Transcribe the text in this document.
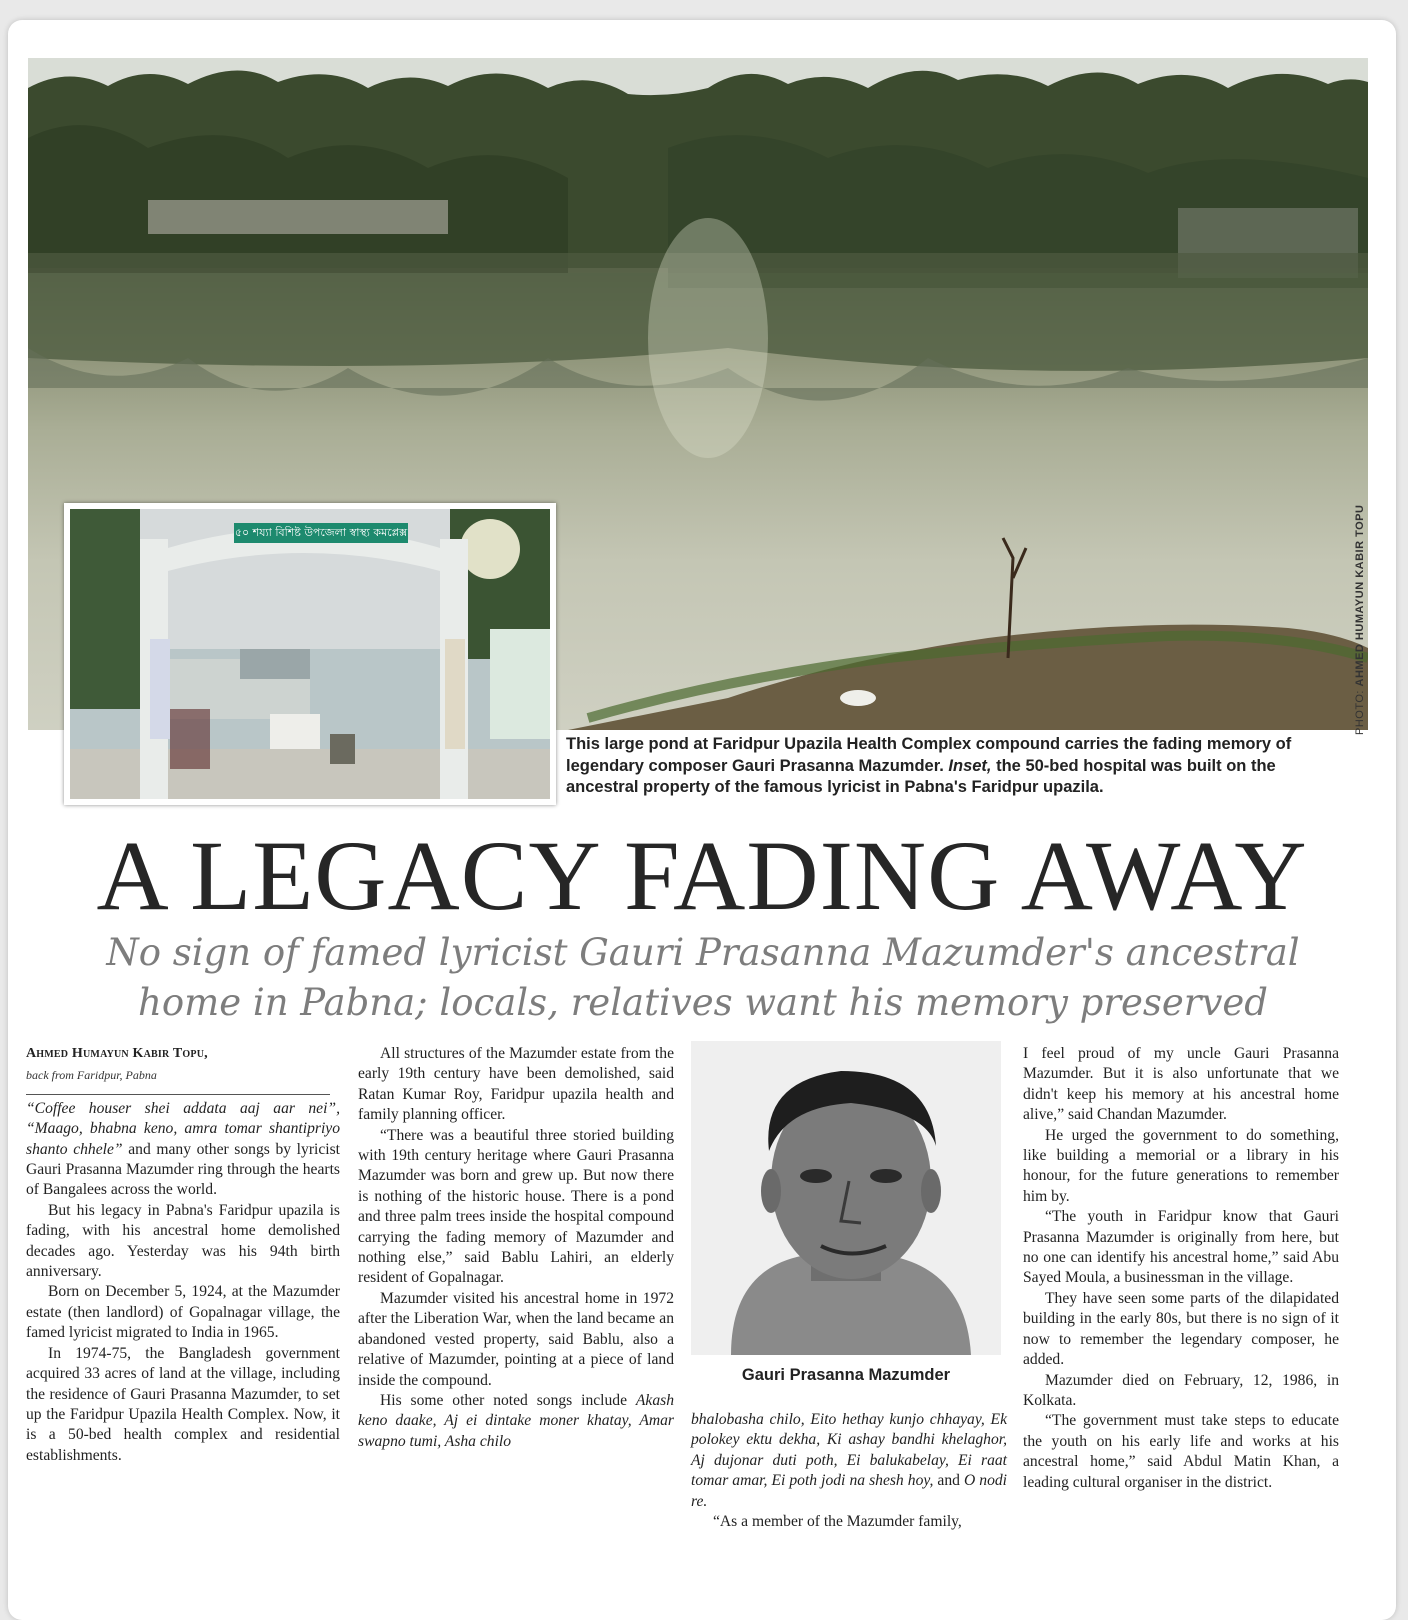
PHOTO: AHMED HUMAYUN KABIR TOPU
৫০ শয্যা বিশিষ্ট উপজেলা স্বাস্থ্য কমপ্লেক্স
This large pond at Faridpur Upazila Health Complex compound carries the fading memory of legendary composer Gauri Prasanna Mazumder. Inset, the 50-bed hospital was built on the ancestral property of the famous lyricist in Pabna's Faridpur upazila.
A LEGACY FADING AWAY
No sign of famed lyricist Gauri Prasanna Mazumder's ancestral home in Pabna; locals, relatives want his memory preserved
Ahmed Humayun Kabir Topu,
back from Faridpur, Pabna

“Coffee houser shei addata aaj aar nei”, “Maago, bhabna keno, amra tomar shantipriyo shanto chhele” and many other songs by lyricist Gauri Prasanna Mazumder ring through the hearts of Bangalees across the world.

But his legacy in Pabna's Faridpur upazila is fading, with his ancestral home demolished decades ago. Yesterday was his 94th birth anniversary.

Born on December 5, 1924, at the Mazumder estate (then landlord) of Gopalnagar village, the famed lyricist migrated to India in 1965.

In 1974-75, the Bangladesh government acquired 33 acres of land at the village, including the residence of Gauri Prasanna Mazumder, to set up the Faridpur Upazila Health Complex. Now, it is a 50-bed health complex and residential establishments.

All structures of the Mazumder estate from the early 19th century have been demolished, said Ratan Kumar Roy, Faridpur upazila health and family planning officer.

“There was a beautiful three storied building with 19th century heritage where Gauri Prasanna Mazumder was born and grew up. But now there is nothing of the historic house. There is a pond and three palm trees inside the hospital compound carrying the fading memory of Mazumder and nothing else,” said Bablu Lahiri, an elderly resident of Gopalnagar.

Mazumder visited his ancestral home in 1972 after the Liberation War, when the land became an abandoned vested property, said Bablu, also a relative of Mazumder, pointing at a piece of land inside the compound.

His some other noted songs include Akash keno daake, Aj ei dintake moner khatay, Amar swapno tumi, Asha chilo

Gauri Prasanna Mazumder

bhalobasha chilo, Eito hethay kunjo chhayay, Ek polokey ektu dekha, Ki ashay bandhi khelaghor, Aj dujonar duti poth, Ei balukabelay, Ei raat tomar amar, Ei poth jodi na shesh hoy, and O nodi re.

“As a member of the Mazumder family,

I feel proud of my uncle Gauri Prasanna Mazumder. But it is also unfortunate that we didn't keep his memory at his ancestral home alive,” said Chandan Mazumder.

He urged the government to do something, like building a memorial or a library in his honour, for the future generations to remember him by.

“The youth in Faridpur know that Gauri Prasanna Mazumder is originally from here, but no one can identify his ancestral home,” said Abu Sayed Moula, a businessman in the village.

They have seen some parts of the dilapidated building in the early 80s, but there is no sign of it now to remember the legendary composer, he added.

Mazumder died on February, 12, 1986, in Kolkata.

“The government must take steps to educate the youth on his early life and works at his ancestral home,” said Abdul Matin Khan, a leading cultural organiser in the district.
